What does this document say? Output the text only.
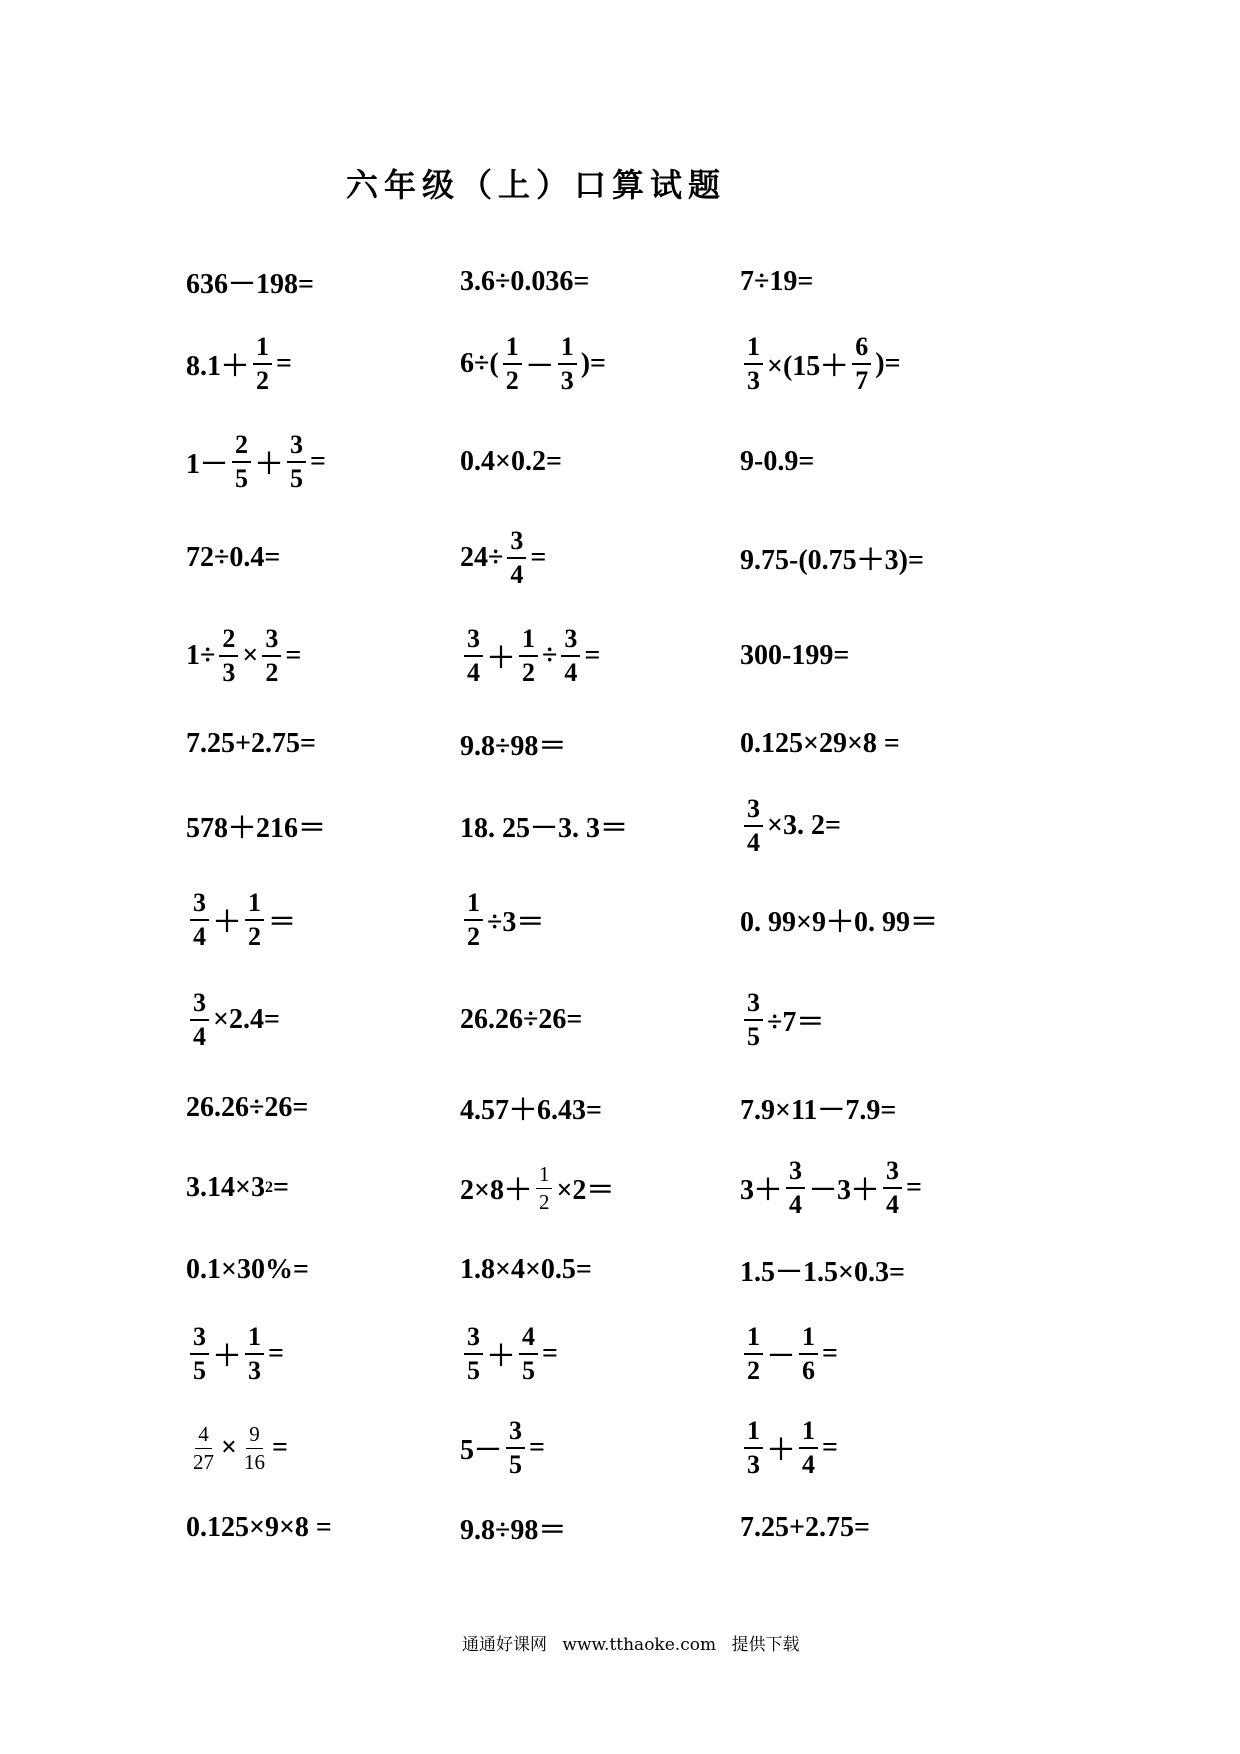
六年级（上）口算试题
636－198=	3.6÷0.036=	7÷19=
$8.1+ \frac{1}{2}$ =	$6\div( \frac{1}{2} - \frac{1}{3}$ )=	$\frac{1}{3} \times(15+ \frac{6}{7}$ )=
$1- \frac{2}{5} + \frac{3}{5}$ =	0.4×0.2=	9-0.9=
72÷0.4=	$24\div \frac{3}{4}$ =	9.75-(0.75＋3)=
$1\div \frac{2}{3} \times \frac{3}{2}$ =	$\frac{3}{4} + \frac{1}{2} \div \frac{3}{4}$ =	300-199=
7.25+2.75=	9.8÷98＝	0.125×29×8 =
578＋216＝	18. 25－3. 3＝	$\frac{3}{4} \times 3$. 2=
$\frac{3}{4} + \frac{1}{2}$ ＝	$\frac{1}{2} \div 3=$	0. 99×9＋0. 99＝
$\frac{3}{4} \times 2.4=$	26.26÷26=	$\frac{3}{5} \div 7=$
26.26÷26=	4.57＋6.43=	7.9×11－7.9=
3.14×3 2 =	$2\times 8+ \frac{1}{2} \times 2=$	$3+ \frac{3}{4} -3+ \frac{3}{4}$ =
0.1×30%=	1.8×4×0.5=	1.5－1.5×0.3=
$\frac{3}{5} + \frac{1}{3}$ =	$\frac{3}{5} + \frac{4}{5}$ =	$\frac{1}{2} - \frac{1}{6}$ =
$\frac{4}{27} \times \frac{9}{16}$ =	$5- \frac{3}{5}$ =	$\frac{1}{3} + \frac{1}{4}$ =
0.125×9×8 =	9.8÷98＝	7.25+2.75=
通通好课网 www.tthaoke.com 提供下载
